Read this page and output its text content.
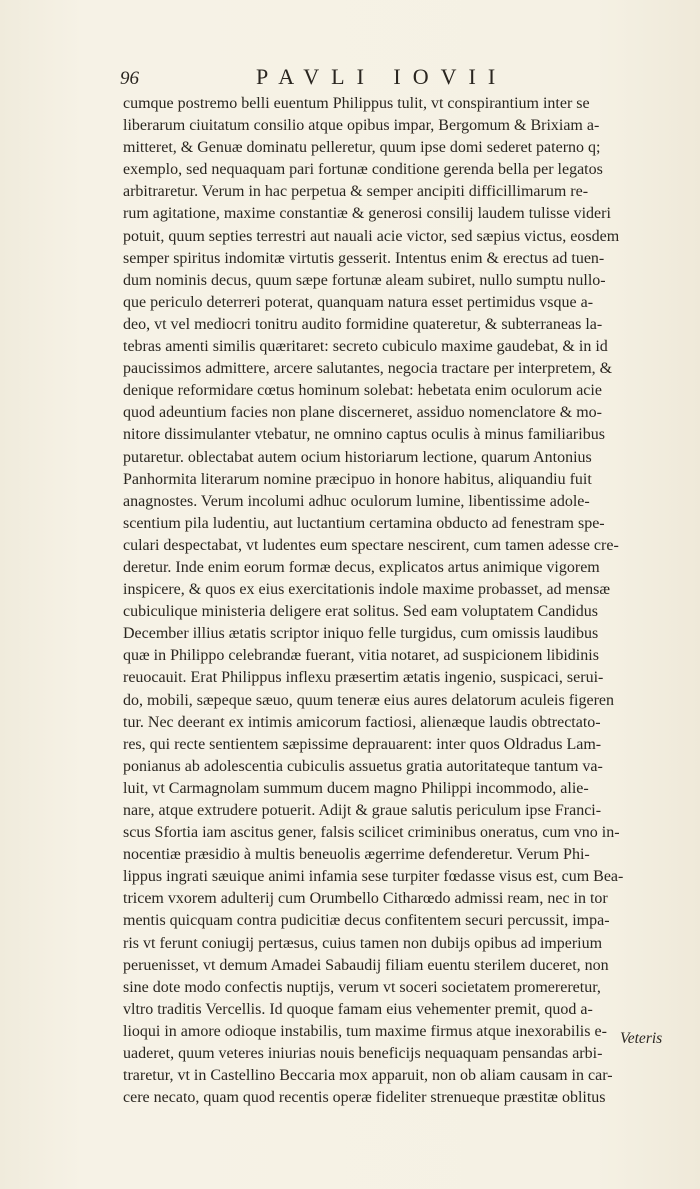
96	PAVLI IOVII
cumque postremo belli euentum Philippus tulit, vt conspirantium inter se
liberarum ciuitatum consilio atque opibus impar, Bergomum & Brixiam a-
mitteret, & Genuæ dominatu pelleretur, quum ipse domi sederet paterno q;
exemplo, sed nequaquam pari fortunæ conditione gerenda bella per legatos
arbitraretur. Verum in hac perpetua & semper ancipiti difficillimarum re-
rum agitatione, maxime constantiæ & generosi consilij laudem tulisse videri
potuit, quum septies terrestri aut nauali acie victor, sed sæpius victus, eosdem
semper spiritus indomitæ virtutis gesserit. Intentus enim & erectus ad tuen-
dum nominis decus, quum sæpe fortunæ aleam subiret, nullo sumptu nullo-
que periculo deterreri poterat, quanquam natura esset pertimidus vsque a-
deo, vt vel mediocri tonitru audito formidine quateretur, & subterraneas la-
tebras amenti similis quæritaret: secreto cubiculo maxime gaudebat, & in id
paucissimos admittere, arcere salutantes, negocia tractare per interpretem, &
denique reformidare cœtus hominum solebat: hebetata enim oculorum acie
quod adeuntium facies non plane discerneret, assiduo nomenclatore & mo-
nitore dissimulanter vtebatur, ne omnino captus oculis à minus familiaribus
putaretur. oblectabat autem ocium historiarum lectione, quarum Antonius
Panhormita literarum nomine præcipuo in honore habitus, aliquandiu fuit
anagnostes. Verum incolumi adhuc oculorum lumine, libentissime adole-
scentium pila ludentiu, aut luctantium certamina obducto ad fenestram spe-
culari despectabat, vt ludentes eum spectare nescirent, cum tamen adesse cre-
deretur. Inde enim eorum formæ decus, explicatos artus animique vigorem
inspicere, & quos ex eius exercitationis indole maxime probasset, ad mensæ
cubiculique ministeria deligere erat solitus. Sed eam voluptatem Candidus
December illius ætatis scriptor iniquo felle turgidus, cum omissis laudibus
quæ in Philippo celebrandæ fuerant, vitia notaret, ad suspicionem libidinis
reuocauit. Erat Philippus inflexu præsertim ætatis ingenio, suspicaci, serui-
do, mobili, sæpeque sæuo, quum teneræ eius aures delatorum aculeis figeren
tur. Nec deerant ex intimis amicorum factiosi, alienæque laudis obtrectato-
res, qui recte sentientem sæpissime deprauarent: inter quos Oldradus Lam-
ponianus ab adolescentia cubiculis assuetus gratia autoritateque tantum va-
luit, vt Carmagnolam summum ducem magno Philippi incommodo, alie-
nare, atque extrudere potuerit. Adijt & graue salutis periculum ipse Franci-
scus Sfortia iam ascitus gener, falsis scilicet criminibus oneratus, cum vno in-
nocentiæ præsidio à multis beneuolis ægerrime defenderetur. Verum Phi-
lippus ingrati sæuique animi infamia sese turpiter fœdasse visus est, cum Bea-
tricem vxorem adulterij cum Orumbello Citharœdo admissi ream, nec in tor
mentis quicquam contra pudicitiæ decus confitentem securi percussit, impa-
ris vt ferunt coniugij pertæsus, cuius tamen non dubijs opibus ad imperium
peruenisset, vt demum Amadei Sabaudij filiam euentu sterilem duceret, non
sine dote modo confectis nuptijs, verum vt soceri societatem promereretur,
vltro traditis Vercellis. Id quoque famam eius vehementer premit, quod a-
lioqui in amore odioque instabilis, tum maxime firmus atque inexorabilis e-
uaderet, quum veteres iniurias nouis beneficijs nequaquam pensandas arbi-
traretur, vt in Castellino Beccaria mox apparuit, non ob aliam causam in car-
cere necato, quam quod recentis operæ fideliter strenueque præstitæ oblitus
Veteris
